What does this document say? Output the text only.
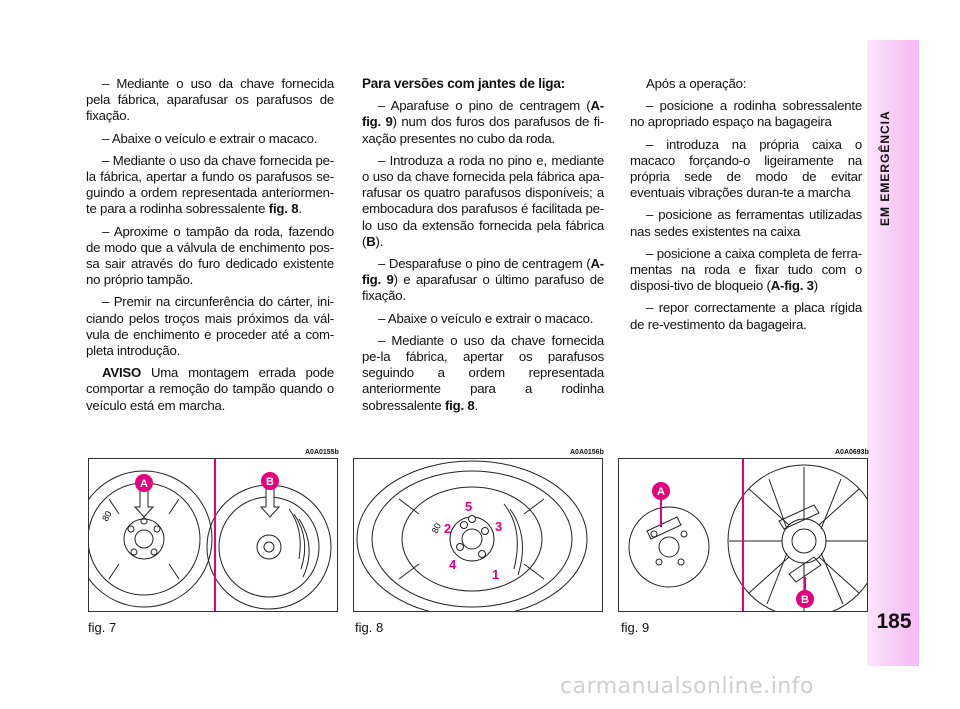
– Mediante o uso da chave fornecida pela fábrica, aparafusar os parafusos de fixação.

– Abaixe o veículo e extrair o macaco.

– Mediante o uso da chave fornecida pe-la fábrica, apertar a fundo os parafusos se-guindo a ordem representada anteriormen-te para a rodinha sobressalente fig. 8.

– Aproxime o tampão da roda, fazendo de modo que a válvula de enchimento pos-sa sair através do furo dedicado existente no próprio tampão.

– Premir na circunferência do cárter, ini-ciando pelos troços mais próximos da vál-vula de enchimento e proceder até a com-pleta introdução.

AVISO Uma montagem errada pode comportar a remoção do tampão quando o veículo está em marcha.

Para versões com jantes de liga:

– Aparafuse o pino de centragem (A-fig. 9) num dos furos dos parafusos de fi-xação presentes no cubo da roda.

– Introduza a roda no pino e, mediante o uso da chave fornecida pela fábrica apa-rafusar os quatro parafusos disponíveis; a embocadura dos parafusos é facilitada pe-lo uso da extensão fornecida pela fábrica (B).

– Desparafuse o pino de centragem (A-fig. 9) e aparafusar o último parafuso de fixação.

– Abaixe o veículo e extrair o macaco.

– Mediante o uso da chave fornecida pe-la fábrica, apertar os parafusos seguindo a ordem representada anteriormente para a rodinha sobressalente fig. 8.

Após a operação:

– posicione a rodinha sobressalente no apropriado espaço na bagageira

– introduza na própria caixa o macaco forçando-o ligeiramente na própria sede de modo de evitar eventuais vibrações duran-te a marcha

– posicione as ferramentas utilizadas nas sedes existentes na caixa

– posicione a caixa completa de ferra-mentas na roda e fixar tudo com o disposi-tivo de bloqueio (A-fig. 3)

– repor correctamente a placa rígida de re-vestimento da bagageira.

EM EMERGÊNCIA
185
A0A0155b
80
A	B
fig. 7
A0A0156b
80
1
2	3
4
5
fig. 8
A0A0693b
A
B
fig. 9
carmanualsonline.info
